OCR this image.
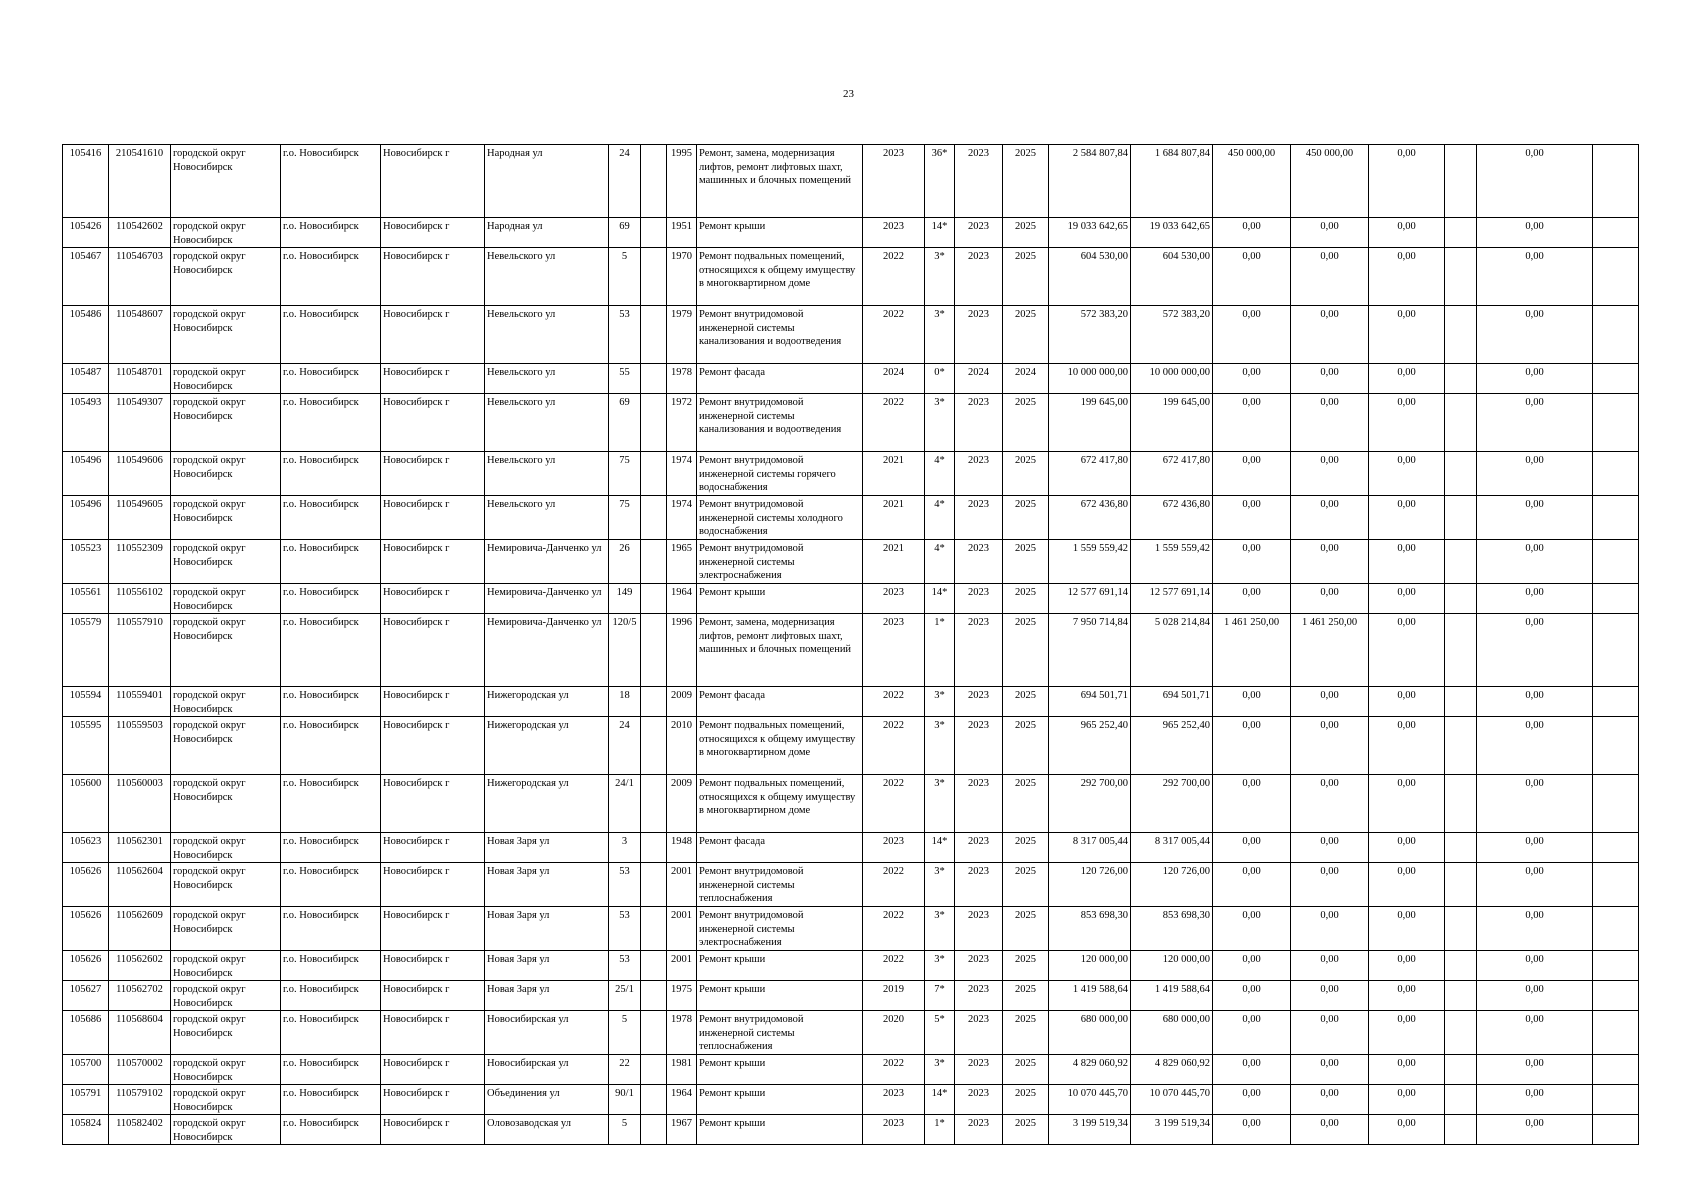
23
105416	210541610	городской округ Новосибирск	г.о. Новосибирск	Новосибирск г	Народная ул	24		1995	Ремонт, замена, модернизация лифтов, ремонт лифтовых шахт, машинных и блочных помещений	2023	36*	2023	2025	2 584 807,84	1 684 807,84	450 000,00	450 000,00	0,00		0,00	
105426	110542602	городской округ Новосибирск	г.о. Новосибирск	Новосибирск г	Народная ул	69		1951	Ремонт крыши	2023	14*	2023	2025	19 033 642,65	19 033 642,65	0,00	0,00	0,00		0,00	
105467	110546703	городской округ Новосибирск	г.о. Новосибирск	Новосибирск г	Невельского ул	5		1970	Ремонт подвальных помещений, относящихся к общему имуществу в многоквартирном доме	2022	3*	2023	2025	604 530,00	604 530,00	0,00	0,00	0,00		0,00	
105486	110548607	городской округ Новосибирск	г.о. Новосибирск	Новосибирск г	Невельского ул	53		1979	Ремонт внутридомовой инженерной системы канализования и водоотведения	2022	3*	2023	2025	572 383,20	572 383,20	0,00	0,00	0,00		0,00	
105487	110548701	городской округ Новосибирск	г.о. Новосибирск	Новосибирск г	Невельского ул	55		1978	Ремонт фасада	2024	0*	2024	2024	10 000 000,00	10 000 000,00	0,00	0,00	0,00		0,00	
105493	110549307	городской округ Новосибирск	г.о. Новосибирск	Новосибирск г	Невельского ул	69		1972	Ремонт внутридомовой инженерной системы канализования и водоотведения	2022	3*	2023	2025	199 645,00	199 645,00	0,00	0,00	0,00		0,00	
105496	110549606	городской округ Новосибирск	г.о. Новосибирск	Новосибирск г	Невельского ул	75		1974	Ремонт внутридомовой инженерной системы горячего водоснабжения	2021	4*	2023	2025	672 417,80	672 417,80	0,00	0,00	0,00		0,00	
105496	110549605	городской округ Новосибирск	г.о. Новосибирск	Новосибирск г	Невельского ул	75		1974	Ремонт внутридомовой инженерной системы холодного водоснабжения	2021	4*	2023	2025	672 436,80	672 436,80	0,00	0,00	0,00		0,00	
105523	110552309	городской округ Новосибирск	г.о. Новосибирск	Новосибирск г	Немировича-Данченко ул	26		1965	Ремонт внутридомовой инженерной системы электроснабжения	2021	4*	2023	2025	1 559 559,42	1 559 559,42	0,00	0,00	0,00		0,00	
105561	110556102	городской округ Новосибирск	г.о. Новосибирск	Новосибирск г	Немировича-Данченко ул	149		1964	Ремонт крыши	2023	14*	2023	2025	12 577 691,14	12 577 691,14	0,00	0,00	0,00		0,00	
105579	110557910	городской округ Новосибирск	г.о. Новосибирск	Новосибирск г	Немировича-Данченко ул	120/5		1996	Ремонт, замена, модернизация лифтов, ремонт лифтовых шахт, машинных и блочных помещений	2023	1*	2023	2025	7 950 714,84	5 028 214,84	1 461 250,00	1 461 250,00	0,00		0,00	
105594	110559401	городской округ Новосибирск	г.о. Новосибирск	Новосибирск г	Нижегородская ул	18		2009	Ремонт фасада	2022	3*	2023	2025	694 501,71	694 501,71	0,00	0,00	0,00		0,00	
105595	110559503	городской округ Новосибирск	г.о. Новосибирск	Новосибирск г	Нижегородская ул	24		2010	Ремонт подвальных помещений, относящихся к общему имуществу в многоквартирном доме	2022	3*	2023	2025	965 252,40	965 252,40	0,00	0,00	0,00		0,00	
105600	110560003	городской округ Новосибирск	г.о. Новосибирск	Новосибирск г	Нижегородская ул	24/1		2009	Ремонт подвальных помещений, относящихся к общему имуществу в многоквартирном доме	2022	3*	2023	2025	292 700,00	292 700,00	0,00	0,00	0,00		0,00	
105623	110562301	городской округ Новосибирск	г.о. Новосибирск	Новосибирск г	Новая Заря ул	3		1948	Ремонт фасада	2023	14*	2023	2025	8 317 005,44	8 317 005,44	0,00	0,00	0,00		0,00	
105626	110562604	городской округ Новосибирск	г.о. Новосибирск	Новосибирск г	Новая Заря ул	53		2001	Ремонт внутридомовой инженерной системы теплоснабжения	2022	3*	2023	2025	120 726,00	120 726,00	0,00	0,00	0,00		0,00	
105626	110562609	городской округ Новосибирск	г.о. Новосибирск	Новосибирск г	Новая Заря ул	53		2001	Ремонт внутридомовой инженерной системы электроснабжения	2022	3*	2023	2025	853 698,30	853 698,30	0,00	0,00	0,00		0,00	
105626	110562602	городской округ Новосибирск	г.о. Новосибирск	Новосибирск г	Новая Заря ул	53		2001	Ремонт крыши	2022	3*	2023	2025	120 000,00	120 000,00	0,00	0,00	0,00		0,00	
105627	110562702	городской округ Новосибирск	г.о. Новосибирск	Новосибирск г	Новая Заря ул	25/1		1975	Ремонт крыши	2019	7*	2023	2025	1 419 588,64	1 419 588,64	0,00	0,00	0,00		0,00	
105686	110568604	городской округ Новосибирск	г.о. Новосибирск	Новосибирск г	Новосибирская ул	5		1978	Ремонт внутридомовой инженерной системы теплоснабжения	2020	5*	2023	2025	680 000,00	680 000,00	0,00	0,00	0,00		0,00	
105700	110570002	городской округ Новосибирск	г.о. Новосибирск	Новосибирск г	Новосибирская ул	22		1981	Ремонт крыши	2022	3*	2023	2025	4 829 060,92	4 829 060,92	0,00	0,00	0,00		0,00	
105791	110579102	городской округ Новосибирск	г.о. Новосибирск	Новосибирск г	Объединения ул	90/1		1964	Ремонт крыши	2023	14*	2023	2025	10 070 445,70	10 070 445,70	0,00	0,00	0,00		0,00	
105824	110582402	городской округ Новосибирск	г.о. Новосибирск	Новосибирск г	Оловозаводская ул	5		1967	Ремонт крыши	2023	1*	2023	2025	3 199 519,34	3 199 519,34	0,00	0,00	0,00		0,00	
